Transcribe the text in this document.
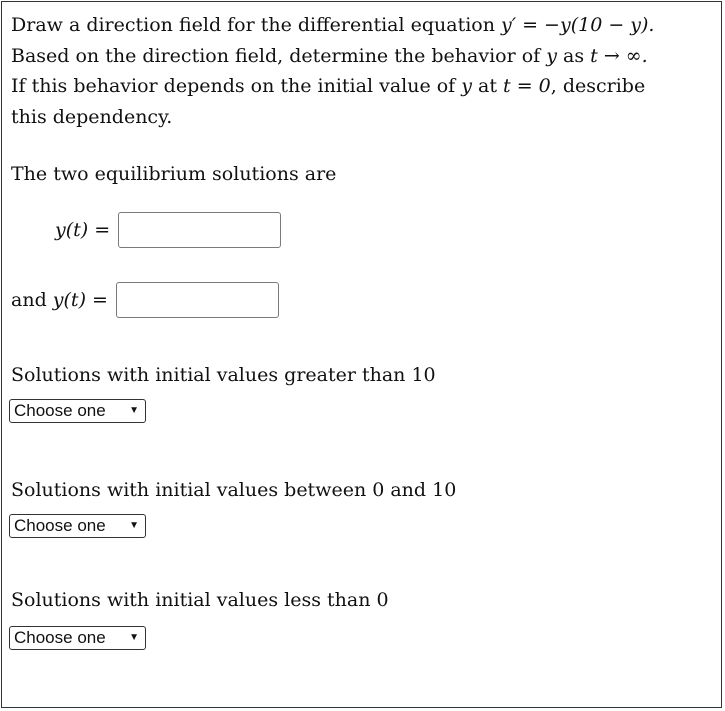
Draw a direction field for the differential equation y′ = −y(10 − y).
Based on the direction field, determine the behavior of y as t → ∞.
If this behavior depends on the initial value of y at t = 0, describe
this dependency.
The two equilibrium solutions are
y(t) =
and y(t) =
Solutions with initial values greater than 10
Choose one	▼
Solutions with initial values between 0 and 10
Choose one	▼
Solutions with initial values less than 0
Choose one	▼
